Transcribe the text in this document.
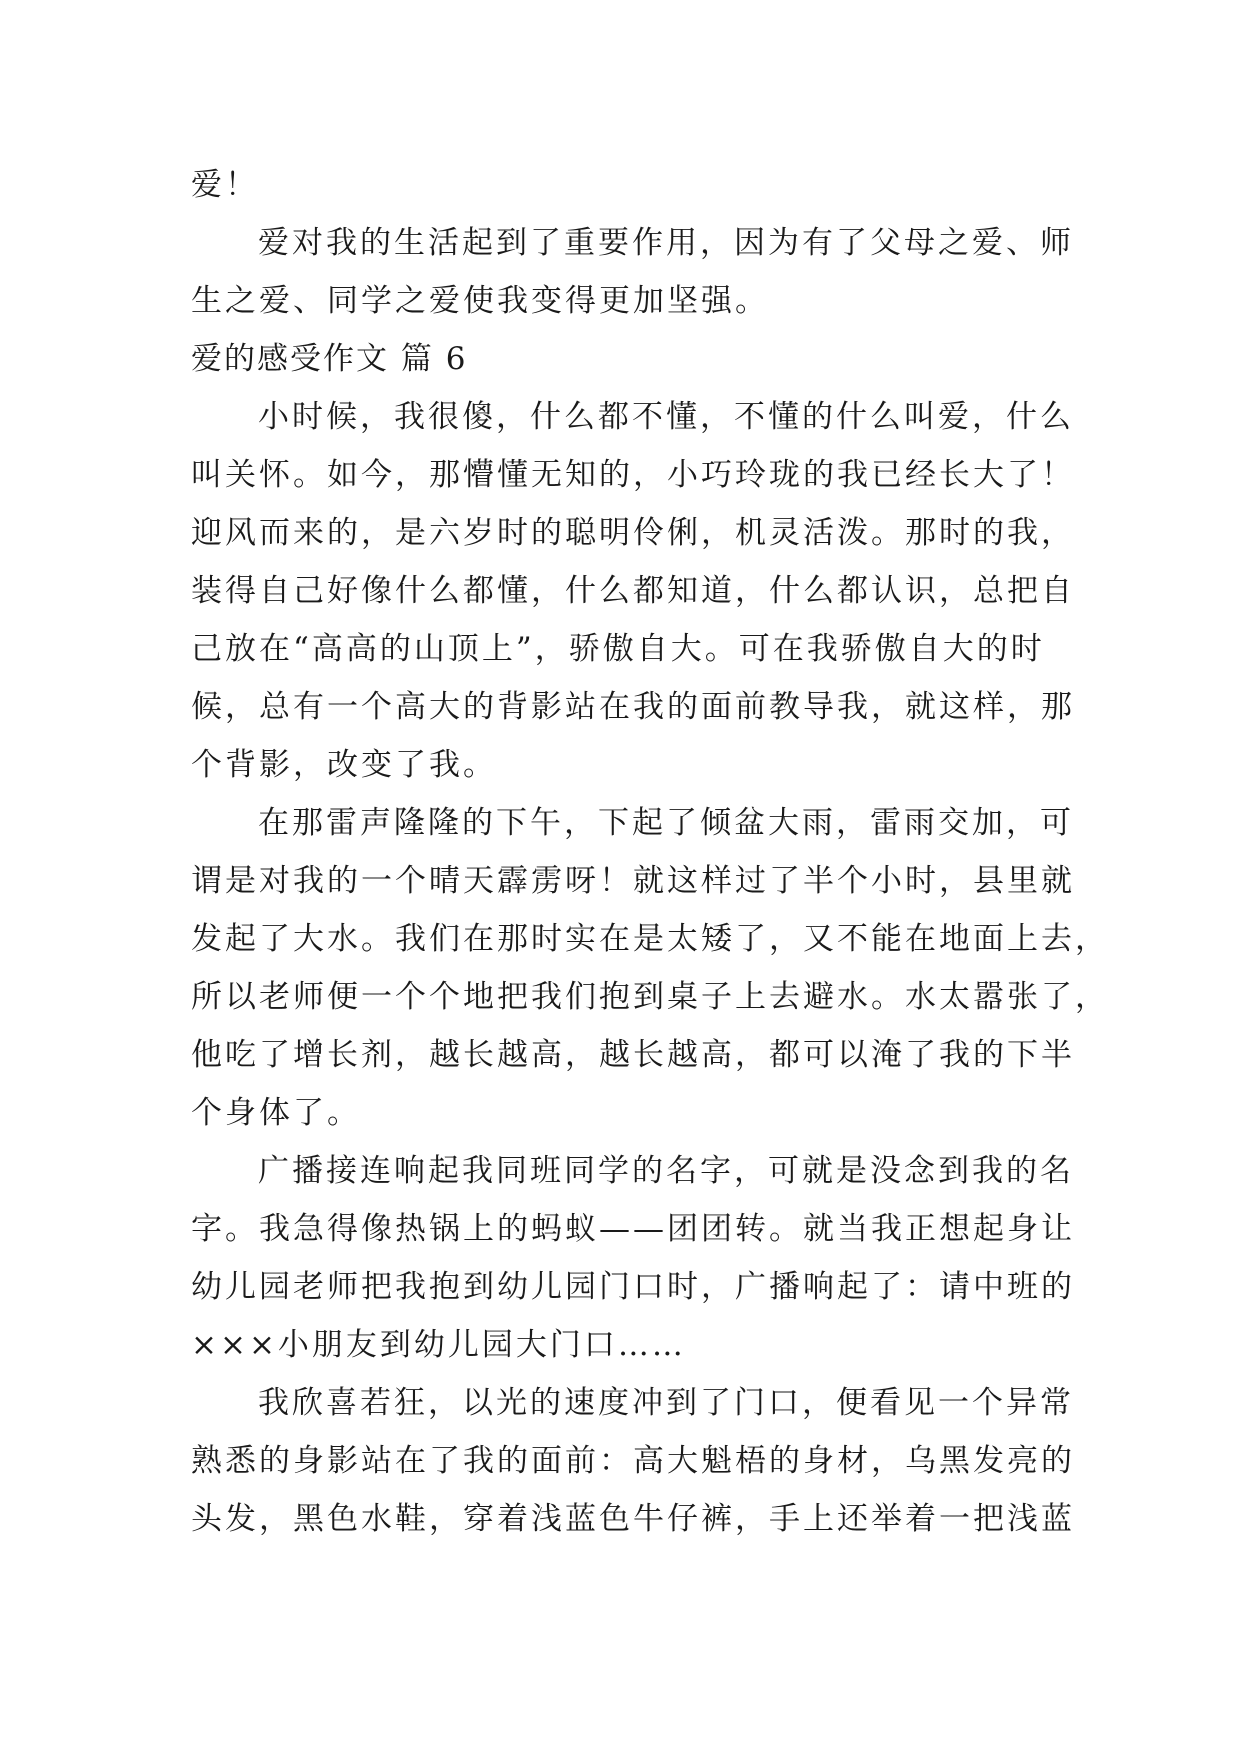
爱！
爱对我的生活起到了重要作用，因为有了父母之爱、师
生之爱、同学之爱使我变得更加坚强。
爱的感受作文 篇 6
小时候，我很傻，什么都不懂，不懂的什么叫爱，什么
叫关怀。如今，那懵懂无知的，小巧玲珑的我已经长大了！
迎风而来的，是六岁时的聪明伶俐，机灵活泼。那时的我，
装得自己好像什么都懂，什么都知道，什么都认识，总把自
己放在“高高的山顶上”，骄傲自大。可在我骄傲自大的时
候，总有一个高大的背影站在我的面前教导我，就这样，那
个背影，改变了我。
在那雷声隆隆的下午，下起了倾盆大雨，雷雨交加，可
谓是对我的一个晴天霹雳呀！就这样过了半个小时，县里就
发起了大水。我们在那时实在是太矮了，又不能在地面上去，
所以老师便一个个地把我们抱到桌子上去避水。水太嚣张了，
他吃了增长剂，越长越高，越长越高，都可以淹了我的下半
个身体了。
广播接连响起我同班同学的名字，可就是没念到我的名
字。我急得像热锅上的蚂蚁——团团转。就当我正想起身让
幼儿园老师把我抱到幼儿园门口时，广播响起了：请中班的
×××小朋友到幼儿园大门口……
我欣喜若狂，以光的速度冲到了门口，便看见一个异常
熟悉的身影站在了我的面前：高大魁梧的身材，乌黑发亮的
头发，黑色水鞋，穿着浅蓝色牛仔裤，手上还举着一把浅蓝
